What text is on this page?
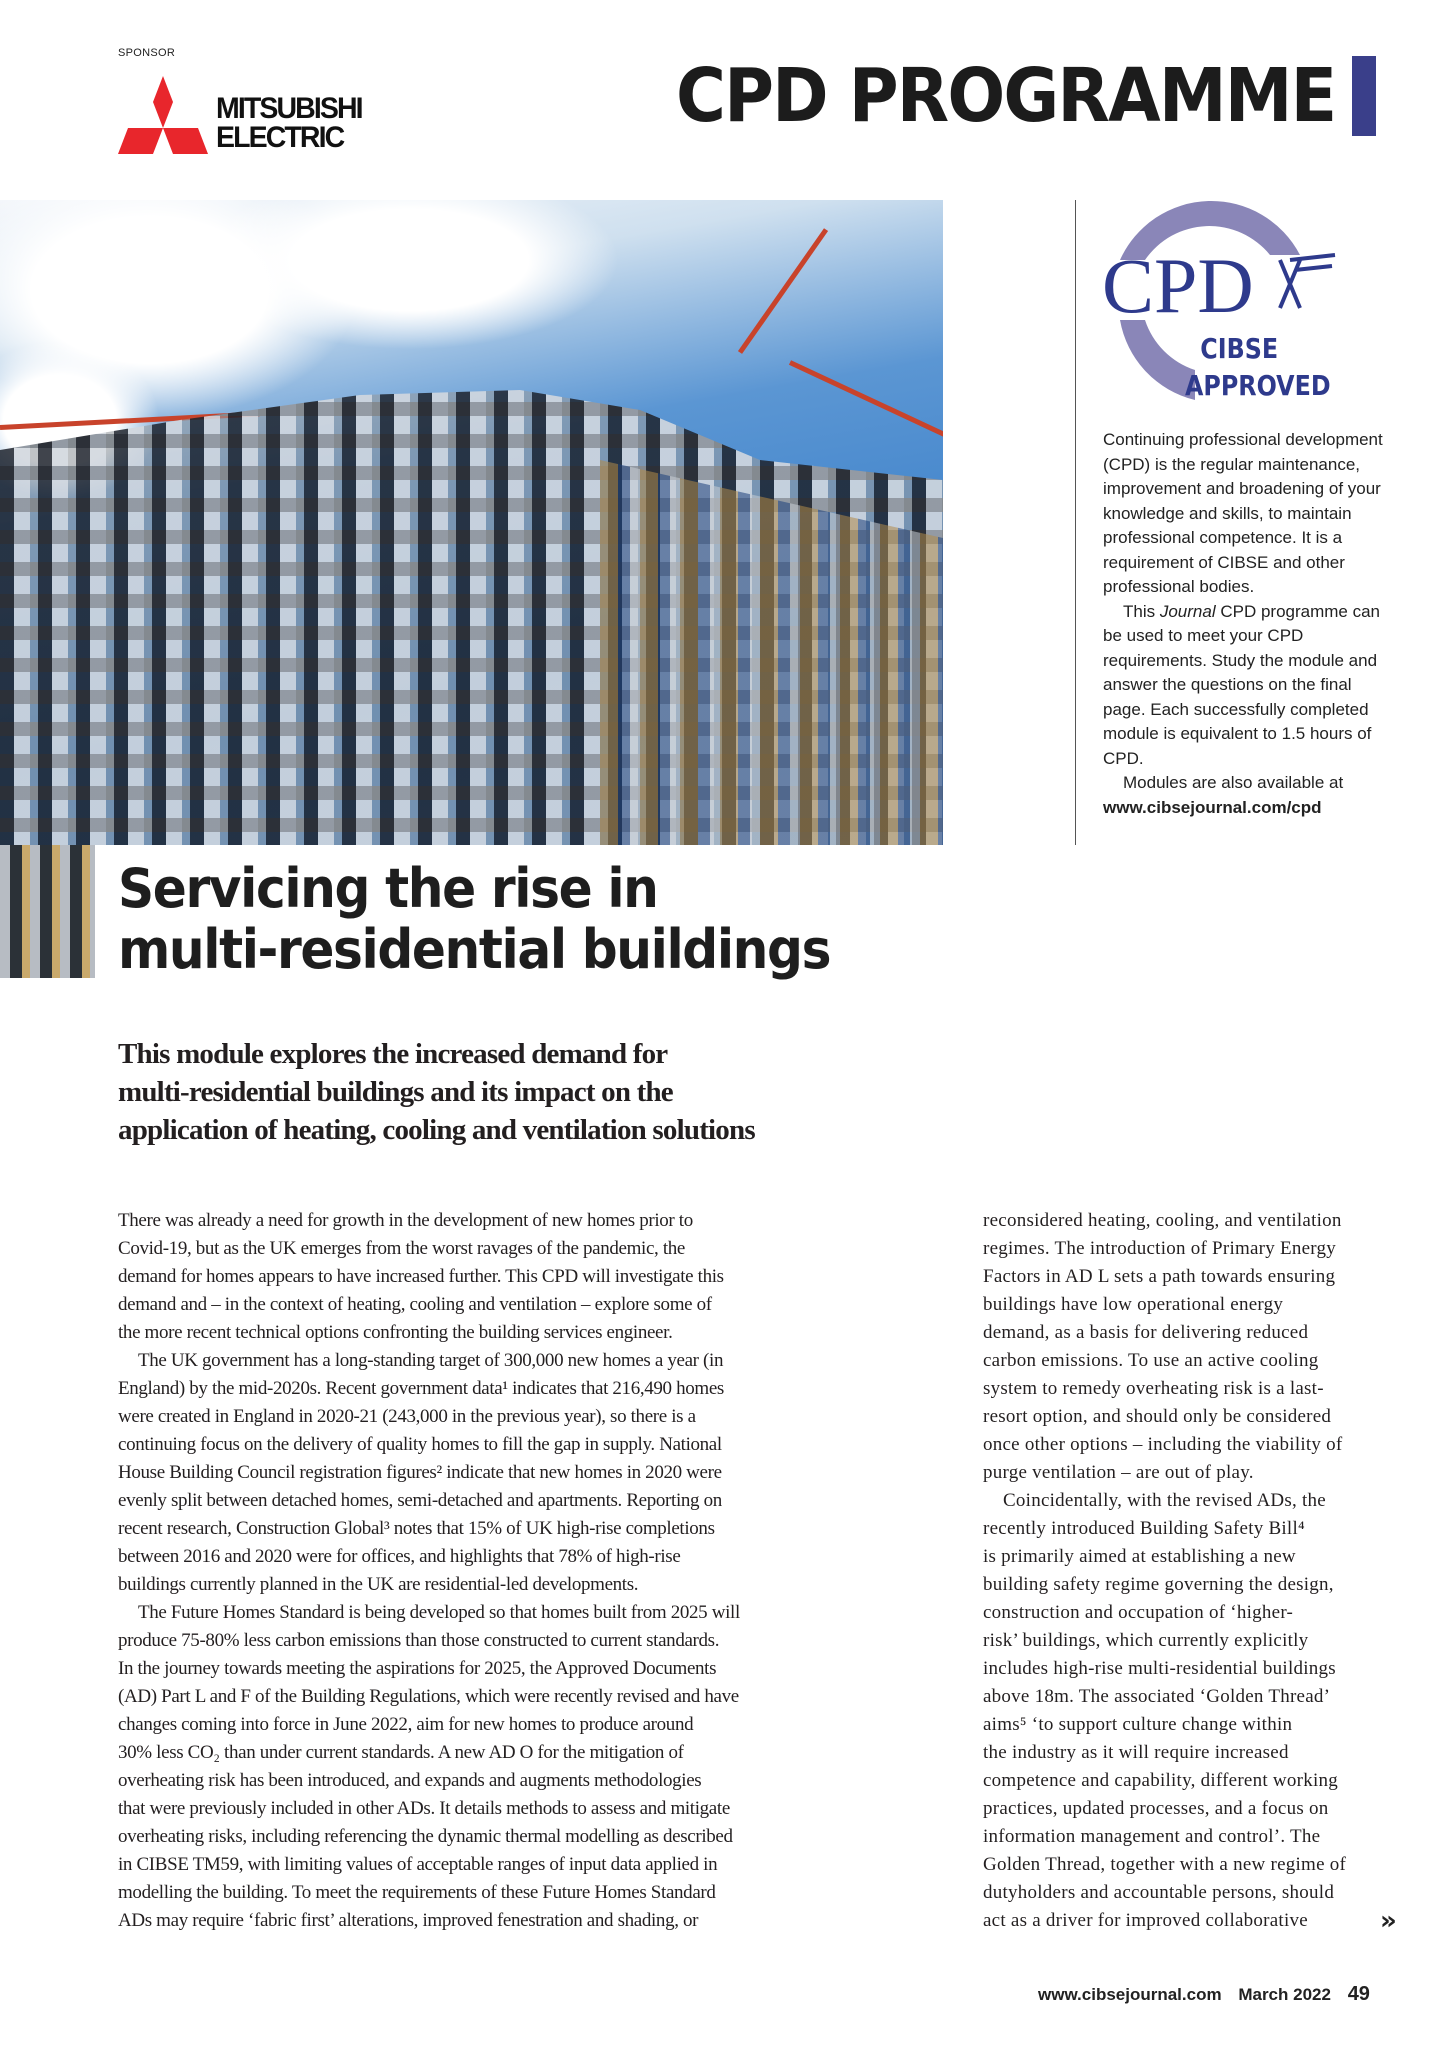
SPONSOR
MITSUBISHI
ELECTRIC	CPD PROGRAMME
CPD
CIBSE
APPROVED

Continuing professional development (CPD) is the regular maintenance, improvement and broadening of your knowledge and skills, to maintain professional competence. It is a requirement of CIBSE and other professional bodies.

This Journal CPD programme can be used to meet your CPD requirements. Study the module and answer the questions on the final page. Each successfully completed module is equivalent to 1.5 hours of CPD.

Modules are also available at

www.cibsejournal.com/cpd

Servicing the rise in
multi-residential buildings
This module explores the increased demand for
multi-residential buildings and its impact on the
application of heating, cooling and ventilation solutions
There was already a need for growth in the development of new homes prior to
Covid-19, but as the UK emerges from the worst ravages of the pandemic, the
demand for homes appears to have increased further. This CPD will investigate this
demand and – in the context of heating, cooling and ventilation – explore some of
the more recent technical options confronting the building services engineer.
The UK government has a long-standing target of 300,000 new homes a year (in
England) by the mid-2020s. Recent government data¹ indicates that 216,490 homes
were created in England in 2020-21 (243,000 in the previous year), so there is a
continuing focus on the delivery of quality homes to fill the gap in supply. National
House Building Council registration figures² indicate that new homes in 2020 were
evenly split between detached homes, semi-detached and apartments. Reporting on
recent research, Construction Global³ notes that 15% of UK high-rise completions
between 2016 and 2020 were for offices, and highlights that 78% of high-rise
buildings currently planned in the UK are residential-led developments.
The Future Homes Standard is being developed so that homes built from 2025 will
produce 75-80% less carbon emissions than those constructed to current standards.
In the journey towards meeting the aspirations for 2025, the Approved Documents
(AD) Part L and F of the Building Regulations, which were recently revised and have
changes coming into force in June 2022, aim for new homes to produce around
30% less CO₂ than under current standards. A new AD O for the mitigation of
overheating risk has been introduced, and expands and augments methodologies
that were previously included in other ADs. It details methods to assess and mitigate
overheating risks, including referencing the dynamic thermal modelling as described
in CIBSE TM59, with limiting values of acceptable ranges of input data applied in
modelling the building. To meet the requirements of these Future Homes Standard
ADs may require ‘fabric first’ alterations, improved fenestration and shading, or
reconsidered heating, cooling, and ventilation
regimes. The introduction of Primary Energy
Factors in AD L sets a path towards ensuring
buildings have low operational energy
demand, as a basis for delivering reduced
carbon emissions. To use an active cooling
system to remedy overheating risk is a last-
resort option, and should only be considered
once other options – including the viability of
purge ventilation – are out of play.
Coincidentally, with the revised ADs, the
recently introduced Building Safety Bill⁴
is primarily aimed at establishing a new
building safety regime governing the design,
construction and occupation of ‘higher-
risk’ buildings, which currently explicitly
includes high-rise multi-residential buildings
above 18m. The associated ‘Golden Thread’
aims⁵ ‘to support culture change within
the industry as it will require increased
competence and capability, different working
practices, updated processes, and a focus on
information management and control’. The
Golden Thread, together with a new regime of
dutyholders and accountable persons, should
act as a driver for improved collaborative	»
www.cibsejournal.com March 2022 49
